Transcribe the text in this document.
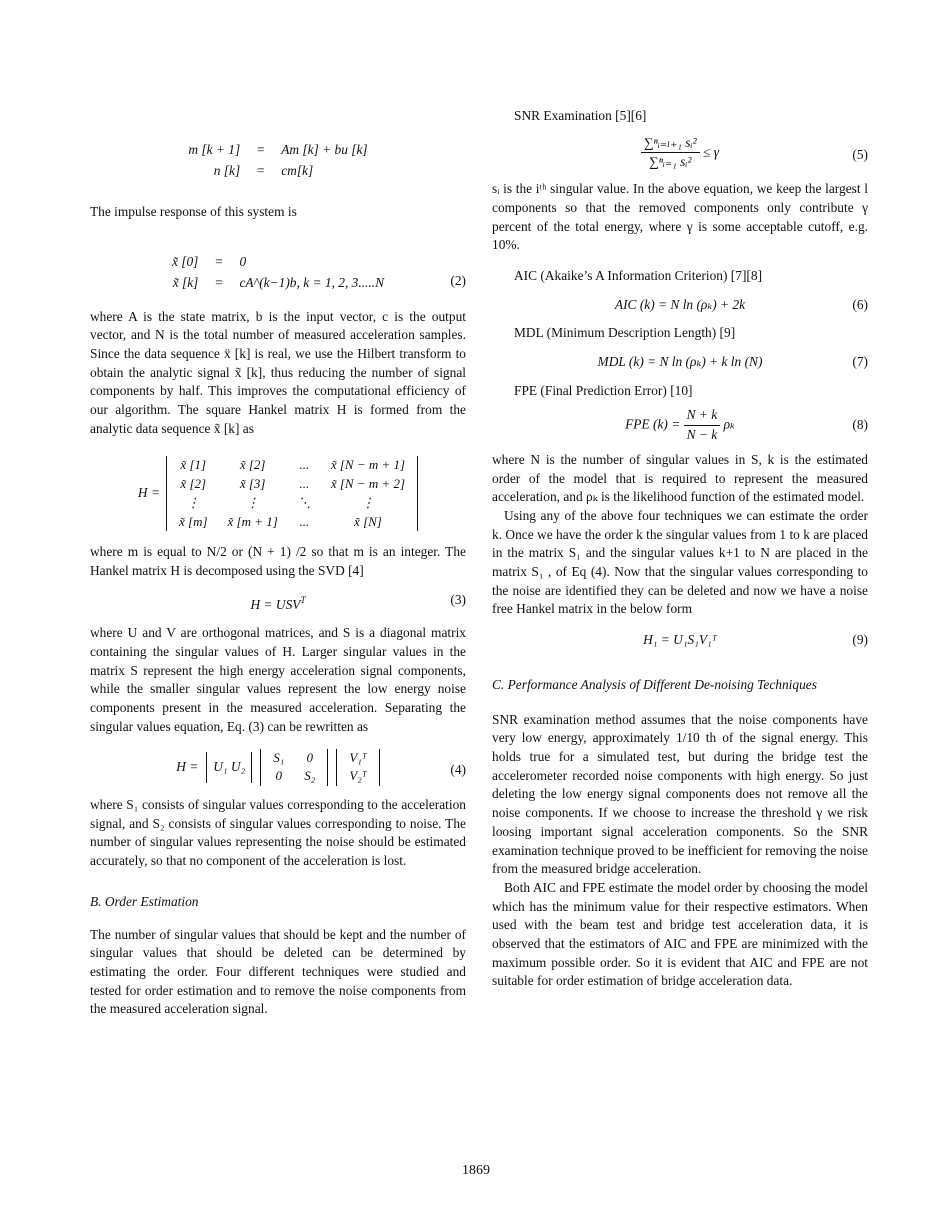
m [k + 1]	=	Am [k] + bu [k]
n [k]	=	cm[k]

The impulse response of this system is

x̃ [0]	=	0
x̃ [k]	=	cA^(k−1)b, k = 1, 2, 3.....N	(2)

where A is the state matrix, b is the input vector, c is the output vector, and N is the total number of measured acceleration samples. Since the data sequence ẍ [k] is real, we use the Hilbert transform to obtain the analytic signal x̃ [k], thus reducing the number of signal components by half. This improves the computational efficiency of our algorithm. The square Hankel matrix H is formed from the analytic data sequence x̃ [k] as

H =
x̃ [1]	x̃ [2]	...	x̃ [N − m + 1]
x̃ [2]	x̃ [3]	...	x̃ [N − m + 2]
⋮	⋮	⋱	⋮
x̃ [m]	x̃ [m + 1]	...	x̃ [N]

where m is equal to N/2 or (N + 1) /2 so that m is an integer. The Hankel matrix H is decomposed using the SVD [4]

$H = USV^T$	(3)

where U and V are orthogonal matrices, and S is a diagonal matrix containing the singular values of H. Larger singular values in the matrix S represent the high energy acceleration signal components, while the smaller singular values represent the low energy noise components present in the measured acceleration. Separating the singular values equation, Eq. (3) can be rewritten as

H =	U₁ U₂
S₁	0
0	S₂
V₁ᵀ
V₂ᵀ	(4)

where S₁ consists of singular values corresponding to the acceleration signal, and S₂ consists of singular values corresponding to noise. The number of singular values representing the noise should be estimated accurately, so that no component of the acceleration is lost.

B. Order Estimation

The number of singular values that should be kept and the number of singular values that should be deleted can be determined by estimating the order. Four different techniques were studied and tested for order estimation and to remove the noise components from the measured acceleration signal.

SNR Examination [5][6]
$\frac{\text{∑ⁿᵢ₌ₗ₊₁ sᵢ²}}{\text{∑ⁿᵢ₌₁ sᵢ²}} \le \gamma$	(5)

sᵢ is the iᵗʰ singular value. In the above equation, we keep the largest l components so that the removed components only contribute γ percent of the total energy, where γ is some acceptable cutoff, e.g. 10%.

AIC (Akaike’s A Information Criterion) [7][8]
AIC (k) = N ln (ρₖ) + 2k	(6)
MDL (Minimum Description Length) [9]
MDL (k) = N ln (ρₖ) + k ln (N)	(7)
FPE (Final Prediction Error) [10]
FPE $(k) = \frac{N + k}{N - k}$ ρₖ	(8)

where N is the number of singular values in S, k is the estimated order of the model that is required to represent the measured acceleration, and ρₖ is the likelihood function of the estimated model.

Using any of the above four techniques we can estimate the order k. Once we have the order k the singular values from 1 to k are placed in the matrix S₁ and the singular values k+1 to N are placed in the matrix S₁ , of Eq (4). Now that the singular values corresponding to the noise are identified they can be deleted and now we have a noise free Hankel matrix in the below form

H₁ = U₁S₁V₁ᵀ	(9)
C. Performance Analysis of Different De-noising Techniques

SNR examination method assumes that the noise components have very low energy, approximately 1/10 th of the signal energy. This holds true for a simulated test, but during the bridge test the accelerometer recorded noise components with high energy. So just deleting the low energy signal components does not remove all the noise components. If we choose to increase the threshold γ we risk loosing important signal acceleration components. So the SNR examination technique proved to be inefficient for removing the noise from the measured bridge acceleration.

Both AIC and FPE estimate the model order by choosing the model which has the minimum value for their respective estimators. When used with the beam test and bridge test acceleration data, it is observed that the estimators of AIC and FPE are minimized with the maximum possible order. So it is evident that AIC and FPE are not suitable for order estimation of bridge acceleration data.

1869
